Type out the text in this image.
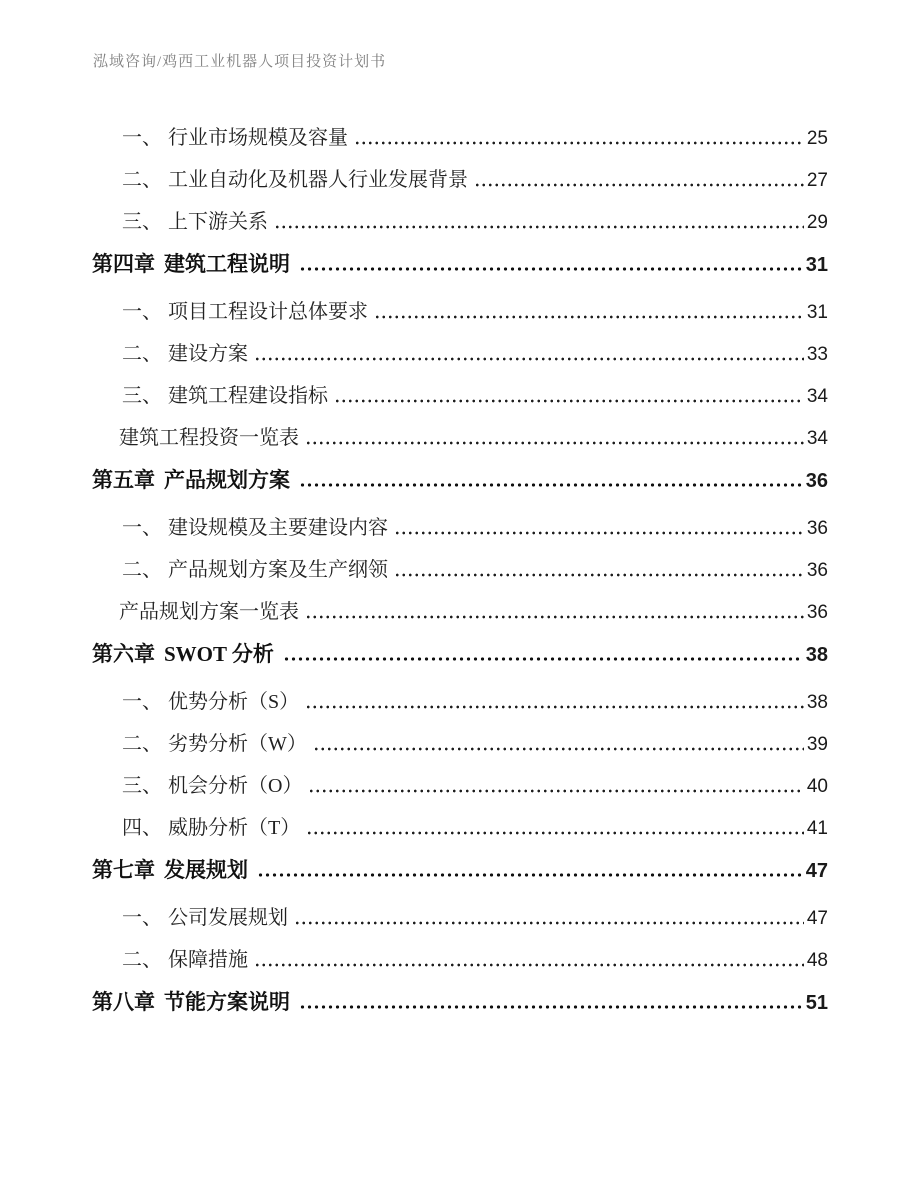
泓域咨询/鸡西工业机器人项目投资计划书
一、 行业市场规模及容量	25
二、 工业自动化及机器人行业发展背景	27
三、 上下游关系	29
第四章 建筑工程说明	31
一、 项目工程设计总体要求	31
二、 建设方案	33
三、 建筑工程建设指标	34
建筑工程投资一览表	34
第五章 产品规划方案	36
一、 建设规模及主要建设内容	36
二、 产品规划方案及生产纲领	36
产品规划方案一览表	36
第六章 SWOT 分析	38
一、 优势分析（S）	38
二、 劣势分析（W）	39
三、 机会分析（O）	40
四、 威胁分析（T）	41
第七章 发展规划	47
一、 公司发展规划	47
二、 保障措施	48
第八章 节能方案说明	51
